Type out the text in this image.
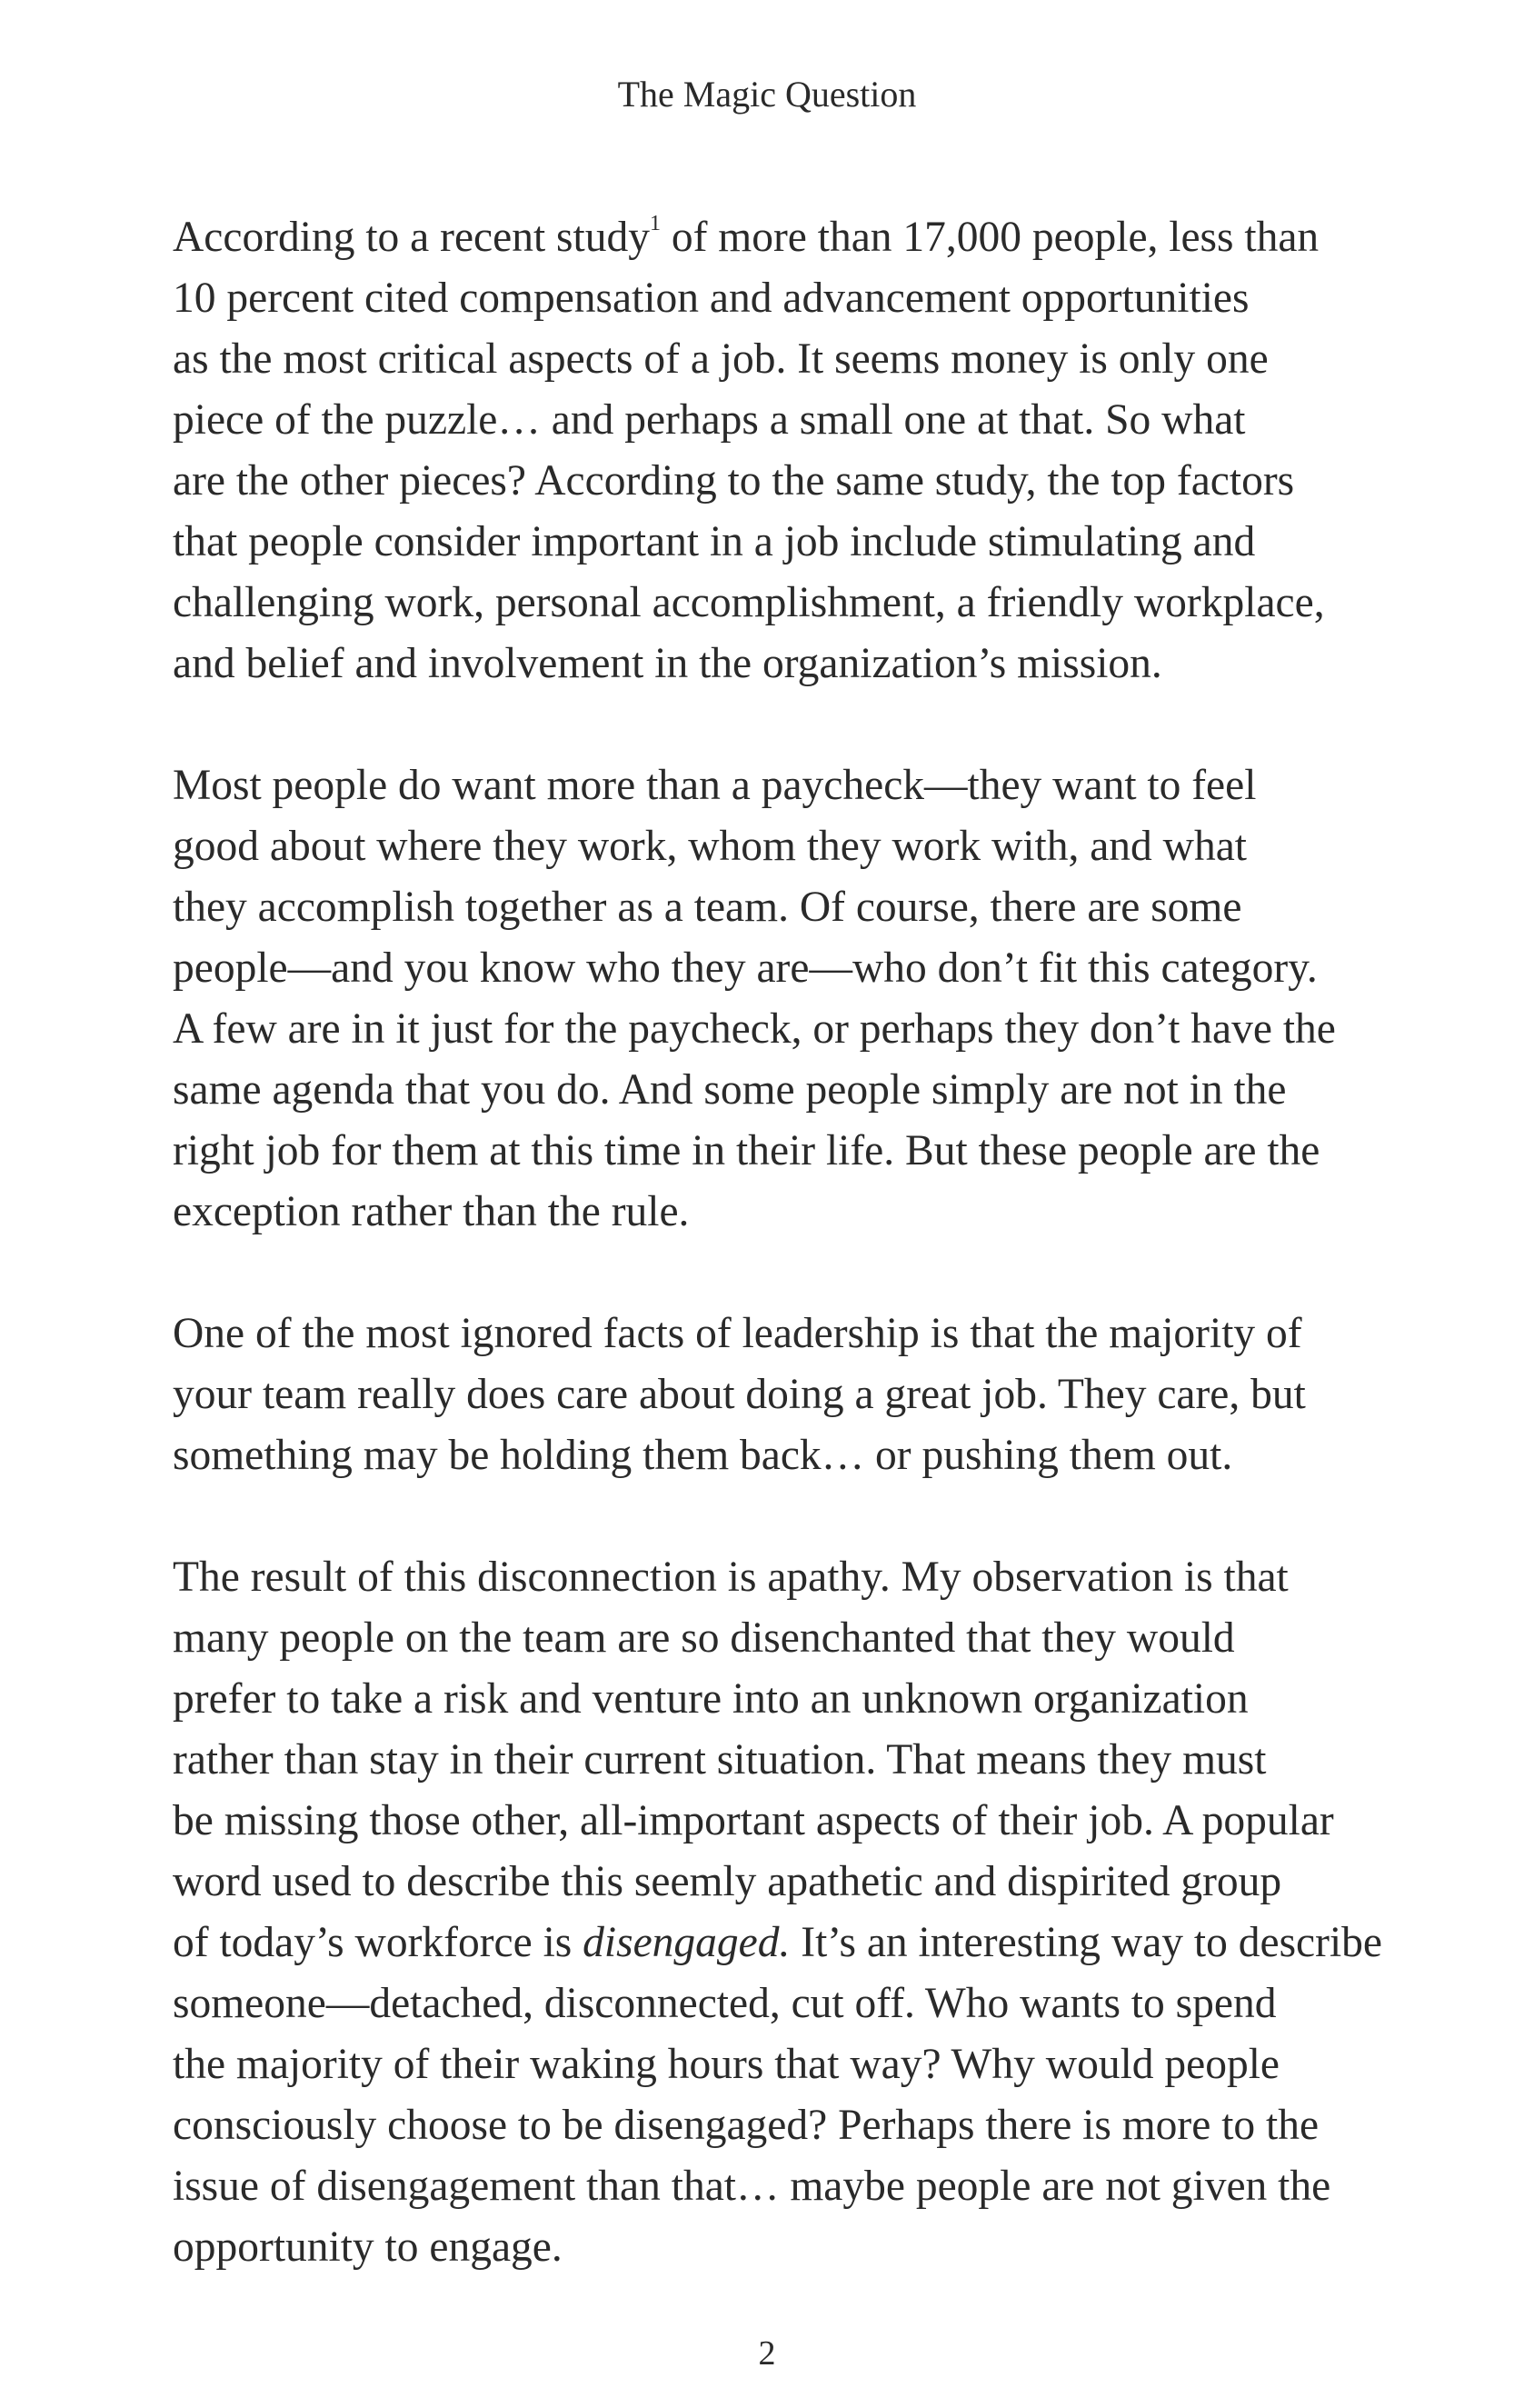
The Magic Question

According to a recent study$^1$ of more than 17,000 people, less than
10 percent cited compensation and advancement opportunities
as the most critical aspects of a job. It seems money is only one
piece of the puzzle… and perhaps a small one at that. So what
are the other pieces? According to the same study, the top factors
that people consider important in a job include stimulating and
challenging work, personal accomplishment, a friendly workplace,
and belief and involvement in the organization’s mission.

Most people do want more than a paycheck—they want to feel
good about where they work, whom they work with, and what
they accomplish together as a team. Of course, there are some
people—and you know who they are—who don’t fit this category.
A few are in it just for the paycheck, or perhaps they don’t have the
same agenda that you do. And some people simply are not in the
right job for them at this time in their life. But these people are the
exception rather than the rule.

One of the most ignored facts of leadership is that the majority of
your team really does care about doing a great job. They care, but
something may be holding them back… or pushing them out.

The result of this disconnection is apathy. My observation is that
many people on the team are so disenchanted that they would
prefer to take a risk and venture into an unknown organization
rather than stay in their current situation. That means they must
be missing those other, all-important aspects of their job. A popular
word used to describe this seemly apathetic and dispirited group
of today’s workforce is disengaged. It’s an interesting way to describe
someone—detached, disconnected, cut off. Who wants to spend
the majority of their waking hours that way? Why would people
consciously choose to be disengaged? Perhaps there is more to the
issue of disengagement than that… maybe people are not given the
opportunity to engage.

2
